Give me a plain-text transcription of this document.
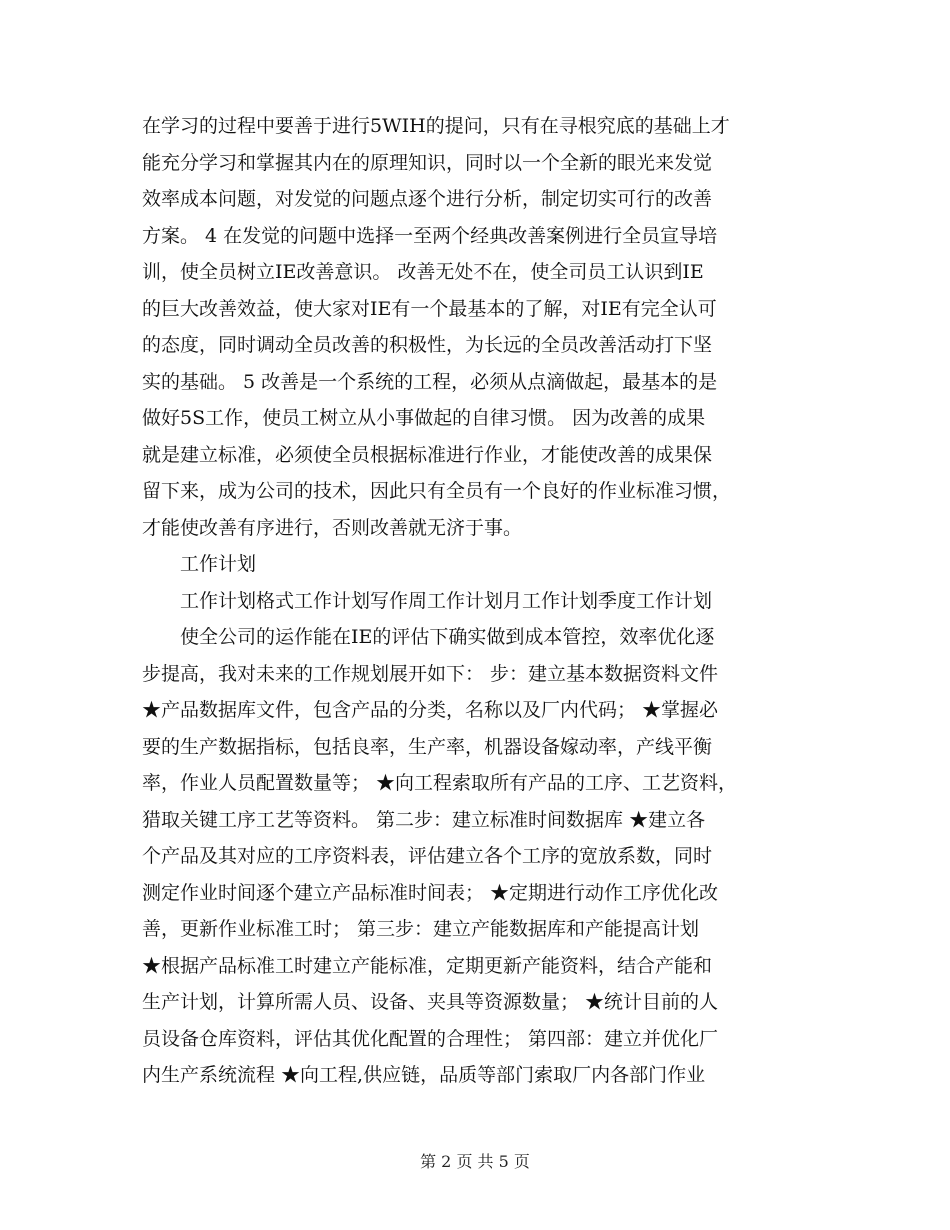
在学习的过程中要善于进行5WIH的提问，只有在寻根究底的基础上才
能充分学习和掌握其内在的原理知识，同时以一个全新的眼光来发觉
效率成本问题，对发觉的问题点逐个进行分析，制定切实可行的改善
方案。 4 在发觉的问题中选择一至两个经典改善案例进行全员宣导培
训，使全员树立IE改善意识。 改善无处不在，使全司员工认识到IE
的巨大改善效益，使大家对IE有一个最基本的了解，对IE有完全认可
的态度，同时调动全员改善的积极性，为长远的全员改善活动打下坚
实的基础。 5 改善是一个系统的工程，必须从点滴做起，最基本的是
做好5S工作，使员工树立从小事做起的自律习惯。 因为改善的成果
就是建立标准，必须使全员根据标准进行作业，才能使改善的成果保
留下来，成为公司的技术，因此只有全员有一个良好的作业标准习惯，
才能使改善有序进行，否则改善就无济于事。
　　工作计划
　　工作计划格式工作计划写作周工作计划月工作计划季度工作计划
　　使全公司的运作能在IE的评估下确实做到成本管控，效率优化逐
步提高，我对未来的工作规划展开如下： 步：建立基本数据资料文件
★产品数据库文件，包含产品的分类，名称以及厂内代码； ★掌握必
要的生产数据指标，包括良率，生产率，机器设备嫁动率，产线平衡
率，作业人员配置数量等； ★向工程索取所有产品的工序、工艺资料，
猎取关键工序工艺等资料。 第二步：建立标准时间数据库 ★建立各
个产品及其对应的工序资料表，评估建立各个工序的宽放系数，同时
测定作业时间逐个建立产品标准时间表； ★定期进行动作工序优化改
善，更新作业标准工时； 第三步：建立产能数据库和产能提高计划
★根据产品标准工时建立产能标准，定期更新产能资料，结合产能和
生产计划，计算所需人员、设备、夹具等资源数量； ★统计目前的人
员设备仓库资料，评估其优化配置的合理性； 第四部：建立并优化厂
内生产系统流程 ★向工程,供应链，品质等部门索取厂内各部门作业
第 2 页 共 5 页
